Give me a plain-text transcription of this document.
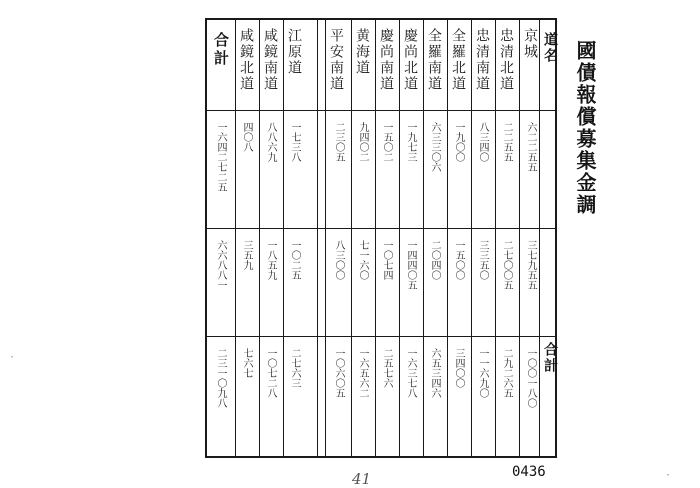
國債報償募集金調
道名
合計
京城
忠清北道
忠清南道
全羅北道
全羅南道
慶尚北道
慶尚南道
黄海道
平安南道
江原道
咸鏡南道
咸鏡北道
合計
六二二五五
二二五五
八三四〇
一九〇〇
六三三〇六
一九七三
一五〇二
九四〇二
二三〇五
三七九五五
二七〇〇五
三三五〇
一五〇〇
二〇四〇
一四四〇五
一〇七四
七一六〇
八三〇〇
一〇〇一八〇
二九二六五
一一六九〇
三四〇〇
六五三四六
一六三七八
二五七六
一六五六二
一〇六〇五
一七三八
八八六九
四〇八
一六四二七二五
一〇二五
一八五九
三五九
六六八八一
二七六三
一〇七二八
七六七
二三一〇九八
41	0436	·
·
